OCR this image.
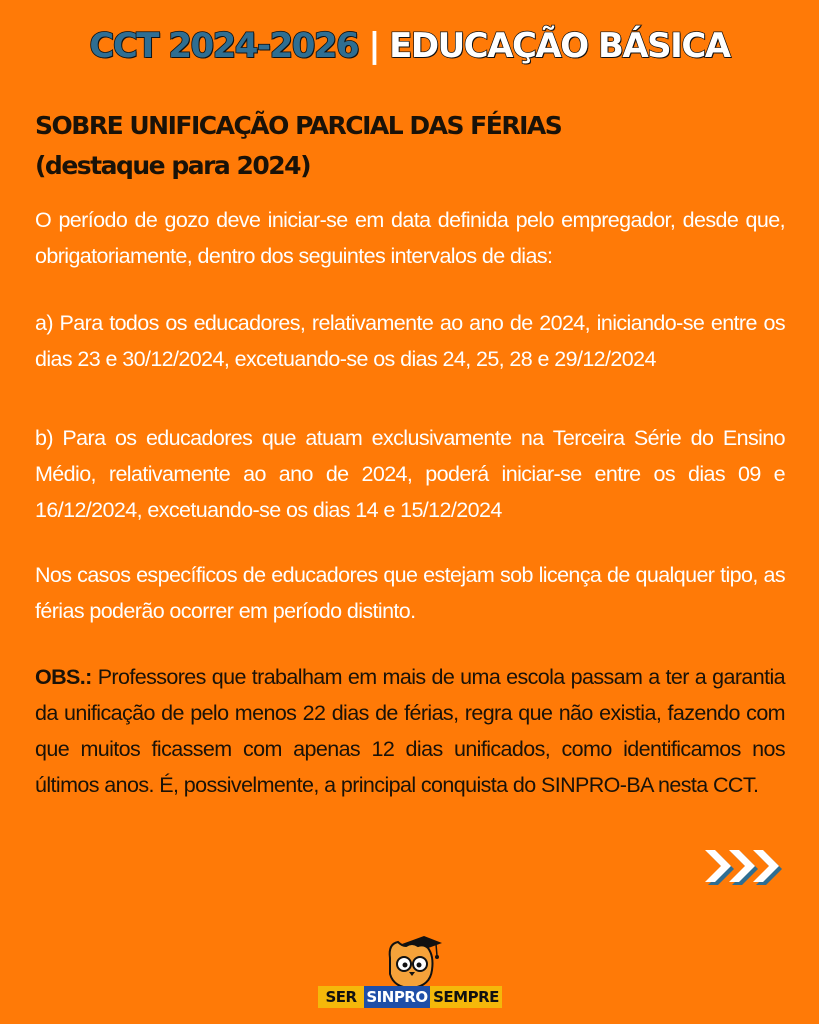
CCT 2024-2026 | EDUCAÇÃO BÁSICA
SOBRE UNIFICAÇÃO PARCIAL DAS FÉRIAS
(destaque para 2024)
O período de gozo deve iniciar-se em data definida pelo empregador, desde que, obrigatoriamente, dentro dos seguintes intervalos de dias:
a) Para todos os educadores, relativamente ao ano de 2024, iniciando-se entre os dias 23 e 30/12/2024, excetuando-se os dias 24, 25, 28 e 29/12/2024
b) Para os educadores que atuam exclusivamente na Terceira Série do Ensino Médio, relativamente ao ano de 2024, poderá iniciar-se entre os dias 09 e 16/12/2024, excetuando-se os dias 14 e 15/12/2024
Nos casos específicos de educadores que estejam sob licença de qualquer tipo, as férias poderão ocorrer em período distinto.
OBS.: Professores que trabalham em mais de uma escola passam a ter a garantia da unificação de pelo menos 22 dias de férias, regra que não existia, fazendo com que muitos ficassem com apenas 12 dias unificados, como identificamos nos últimos anos. É, possivelmente, a principal conquista do SINPRO-BA nesta CCT.
SER SINPRO SEMPRE
